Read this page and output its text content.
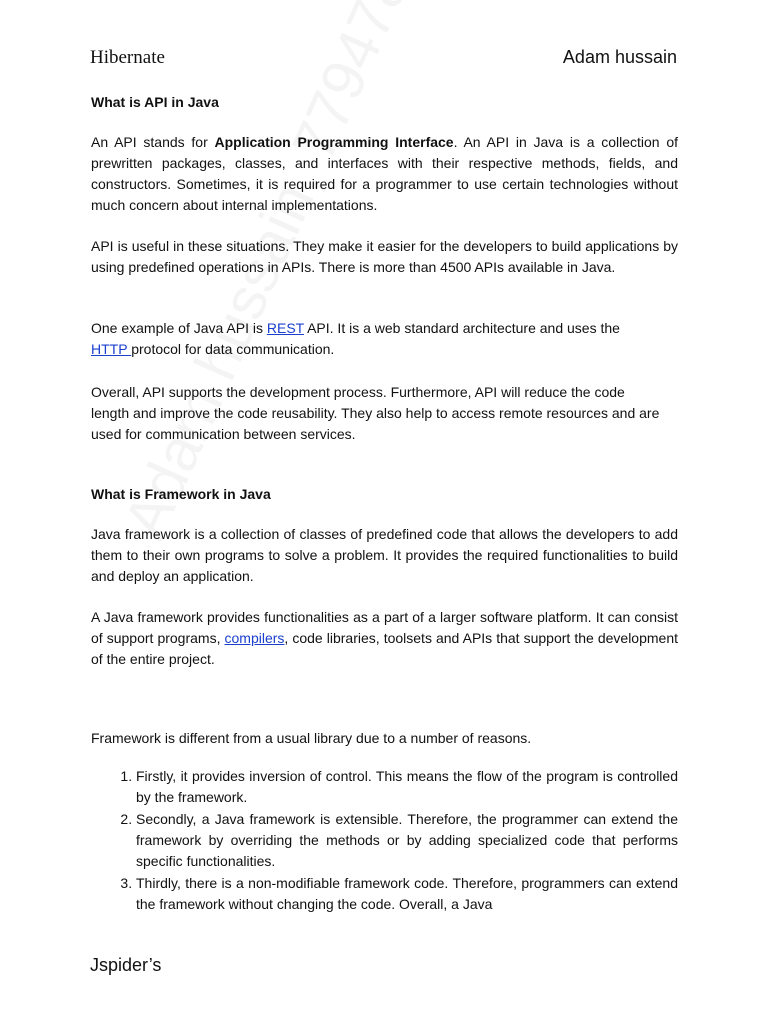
Hibernate	Adam hussain
What is API in Java
An API stands for Application Programming Interface. An API in Java is a collection of prewritten packages, classes, and interfaces with their respective methods, fields, and constructors. Sometimes, it is required for a programmer to use certain technologies without much concern about internal implementations.
API is useful in these situations. They make it easier for the developers to build applications by using predefined operations in APIs. There is more than 4500 APIs available in Java.
One example of Java API is REST API. It is a web standard architecture and uses the
HTTP protocol for data communication.
Overall, API supports the development process. Furthermore, API will reduce the code length and improve the code reusability. They also help to access remote resources and are used for communication between services.
What is Framework in Java
Java framework is a collection of classes of predefined code that allows the developers to add them to their own programs to solve a problem. It provides the required functionalities to build and deploy an application.
A Java framework provides functionalities as a part of a larger software platform. It can consist of support programs, compilers, code libraries, toolsets and APIs that support the development of the entire project.
Framework is different from a usual library due to a number of reasons.
1. Firstly, it provides inversion of control. This means the flow of the program is controlled by the framework.
2. Secondly, a Java framework is extensible. Therefore, the programmer can extend the framework by overriding the methods or by adding specialized code that performs specific functionalities.
3. Thirdly, there is a non-modifiable framework code. Therefore, programmers can extend the framework without changing the code. Overall, a Java
Jspider’s
